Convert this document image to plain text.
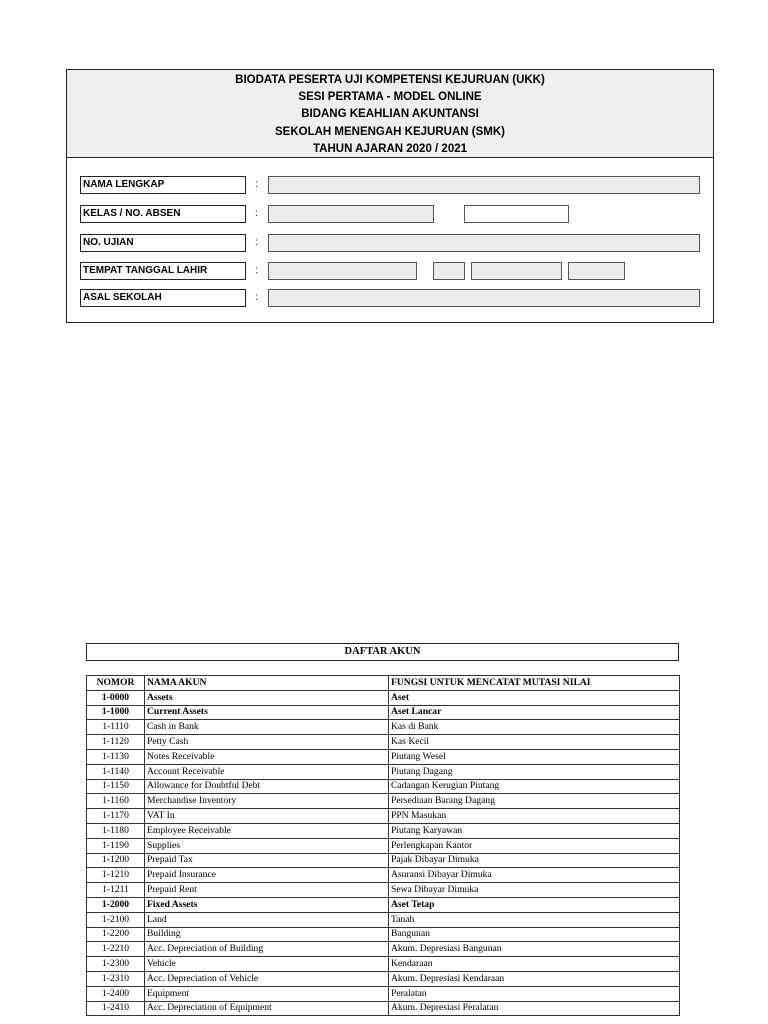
BIODATA PESERTA UJI KOMPETENSI KEJURUAN (UKK)
SESI PERTAMA - MODEL ONLINE
BIDANG KEAHLIAN AKUNTANSI
SEKOLAH MENENGAH KEJURUAN (SMK)
TAHUN AJARAN 2020 / 2021
NAMA LENGKAP	:
KELAS / NO. ABSEN	:
NO. UJIAN	:
TEMPAT TANGGAL LAHIR	:
ASAL SEKOLAH	:
DAFTAR AKUN
NOMOR	NAMA AKUN	FUNGSI UNTUK MENCATAT MUTASI NILAI
1-0000	Assets	Aset
1-1000	Current Assets	Aset Lancar
1-1110	Cash in Bank	Kas di Bank
1-1120	Petty Cash	Kas Kecil
1-1130	Notes Receivable	Piutang Wesel
1-1140	Account Receivable	Piutang Dagang
1-1150	Allowance for Doubtful Debt	Cadangan Kerugian Piutang
1-1160	Merchandise Inventory	Persediaan Barang Dagang
1-1170	VAT In	PPN Masukan
1-1180	Employee Receivable	Piutang Karyawan
1-1190	Supplies	Perlengkapan Kantor
1-1200	Prepaid Tax	Pajak Dibayar Dimuka
1-1210	Prepaid Insurance	Asuransi Dibayar Dimuka
1-1211	Prepaid Rent	Sewa Dibayar Dimuka
1-2000	Fixed Assets	Aset Tetap
1-2100	Land	Tanah
1-2200	Building	Bangunan
1-2210	Acc. Depreciation of Building	Akum. Depresiasi Bangunan
1-2300	Vehicle	Kendaraan
1-2310	Acc. Depreciation of Vehicle	Akum. Depresiasi Kendaraan
1-2400	Equipment	Peralatan
1-2410	Acc. Depreciation of Equipment	Akum. Depresiasi Peralatan
